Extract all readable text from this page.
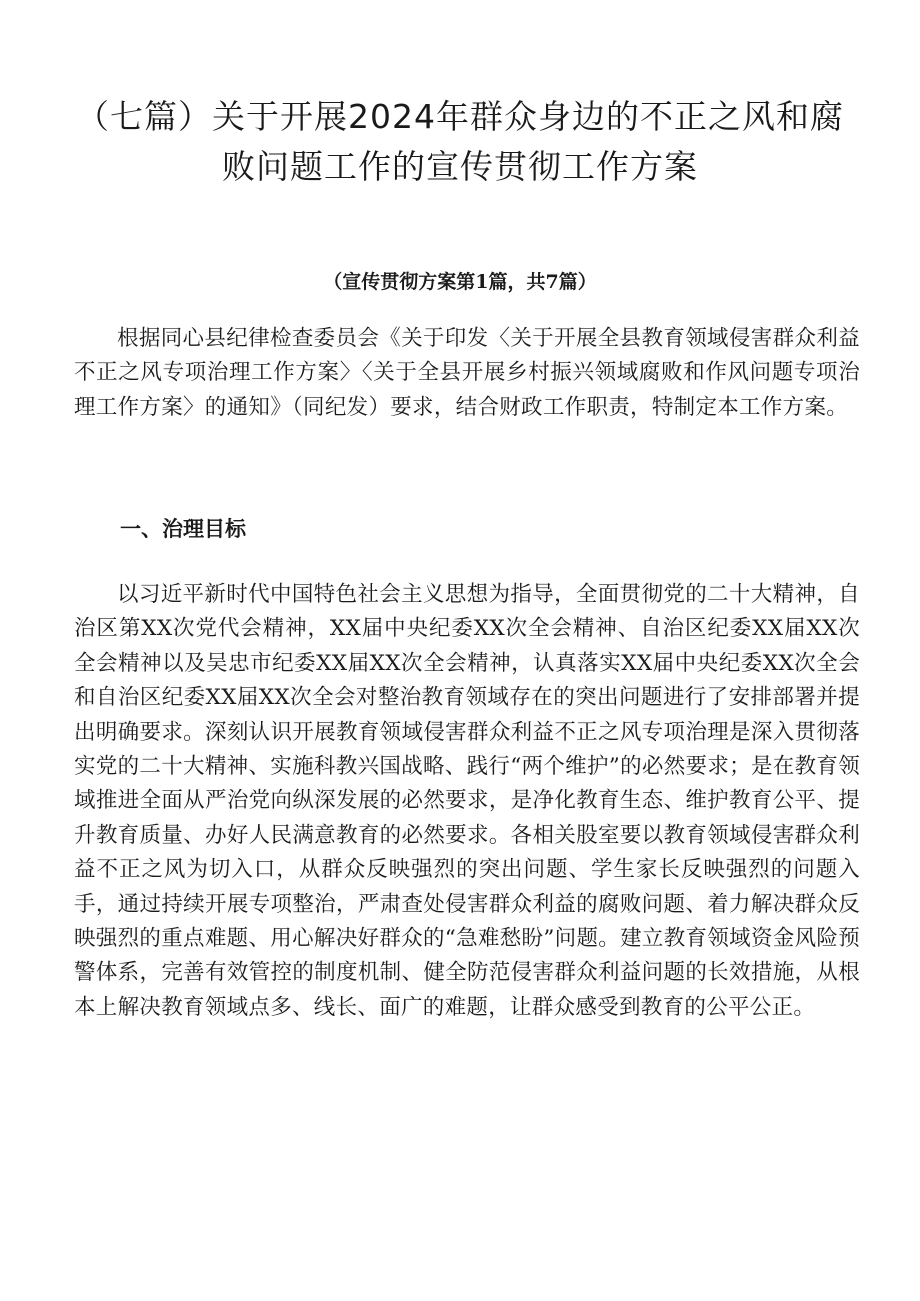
（七篇）关于开展2024年群众身边的不正之风和腐
败问题工作的宣传贯彻工作方案

（宣传贯彻方案第1篇，共7篇）

根据同心县纪律检查委员会《关于印发〈关于开展全县教育领域侵害群众利益不正之风专项治理工作方案〉〈关于全县开展乡村振兴领域腐败和作风问题专项治理工作方案〉的通知》（同纪发）要求，结合财政工作职责，特制定本工作方案。

一、治理目标

以习近平新时代中国特色社会主义思想为指导，全面贯彻党的二十大精神，自治区第XX次党代会精神，XX届中央纪委XX次全会精神、自治区纪委XX届XX次全会精神以及吴忠市纪委XX届XX次全会精神，认真落实XX届中央纪委XX次全会和自治区纪委XX届XX次全会对整治教育领域存在的突出问题进行了安排部署并提出明确要求。深刻认识开展教育领域侵害群众利益不正之风专项治理是深入贯彻落实党的二十大精神、实施科教兴国战略、践行“两个维护”的必然要求；是在教育领域推进全面从严治党向纵深发展的必然要求，是净化教育生态、维护教育公平、提升教育质量、办好人民满意教育的必然要求。各相关股室要以教育领域侵害群众利益不正之风为切入口，从群众反映强烈的突出问题、学生家长反映强烈的问题入手，通过持续开展专项整治，严肃查处侵害群众利益的腐败问题、着力解决群众反映强烈的重点难题、用心解决好群众的“急难愁盼”问题。建立教育领域资金风险预警体系，完善有效管控的制度机制、健全防范侵害群众利益问题的长效措施，从根本上解决教育领域点多、线长、面广的难题，让群众感受到教育的公平公正。
